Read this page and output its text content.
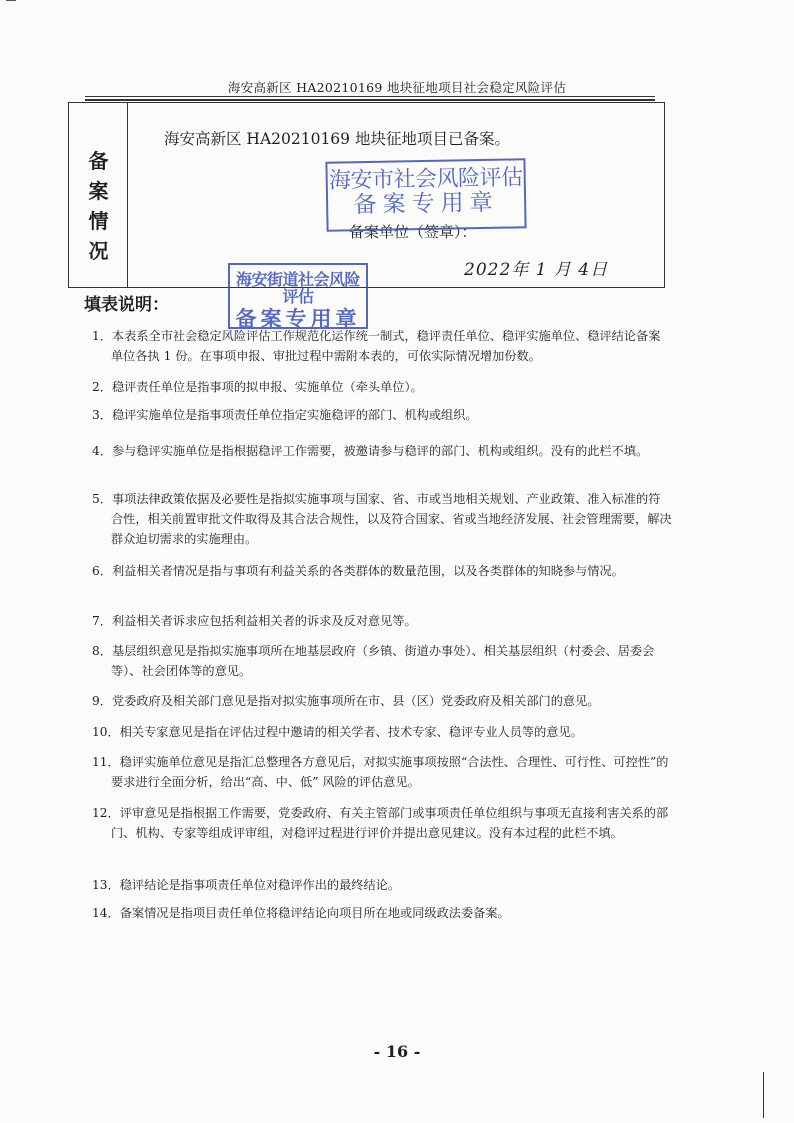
海安高新区 HA20210169 地块征地项目社会稳定风险评估
备
案
情
况
海安高新区 HA20210169 地块征地项目已备案。
备案单位（签章）：
2022年 1 月 4日
海安市社会风险评估
备案专用章
填表说明：
海安街道社会风险评估
备案专用章
1．本表系全市社会稳定风险评估工作规范化运作统一制式，稳评责任单位、稳评实施单位、稳评结论备案单位各执 1 份。在事项申报、审批过程中需附本表的，可依实际情况增加份数。
2．稳评责任单位是指事项的拟申报、实施单位（牵头单位）。
3．稳评实施单位是指事项责任单位指定实施稳评的部门、机构或组织。
4．参与稳评实施单位是指根据稳评工作需要，被邀请参与稳评的部门、机构或组织。没有的此栏不填。
5．事项法律政策依据及必要性是指拟实施事项与国家、省、市或当地相关规划、产业政策、准入标准的符合性，相关前置审批文件取得及其合法合规性，以及符合国家、省或当地经济发展、社会管理需要，解决群众迫切需求的实施理由。
6．利益相关者情况是指与事项有利益关系的各类群体的数量范围，以及各类群体的知晓参与情况。
7．利益相关者诉求应包括利益相关者的诉求及反对意见等。
8．基层组织意见是指拟实施事项所在地基层政府（乡镇、街道办事处）、相关基层组织（村委会、居委会等）、社会团体等的意见。
9．党委政府及相关部门意见是指对拟实施事项所在市、县（区）党委政府及相关部门的意见。
10．相关专家意见是指在评估过程中邀请的相关学者、技术专家、稳评专业人员等的意见。
11．稳评实施单位意见是指汇总整理各方意见后，对拟实施事项按照“合法性、合理性、可行性、可控性”的要求进行全面分析，给出“高、中、低” 风险的评估意见。
12．评审意见是指根据工作需要，党委政府、有关主管部门或事项责任单位组织与事项无直接利害关系的部门、机构、专家等组成评审组，对稳评过程进行评价并提出意见建议。没有本过程的此栏不填。
13．稳评结论是指事项责任单位对稳评作出的最终结论。
14．备案情况是指项目责任单位将稳评结论向项目所在地或同级政法委备案。
- 16 -
